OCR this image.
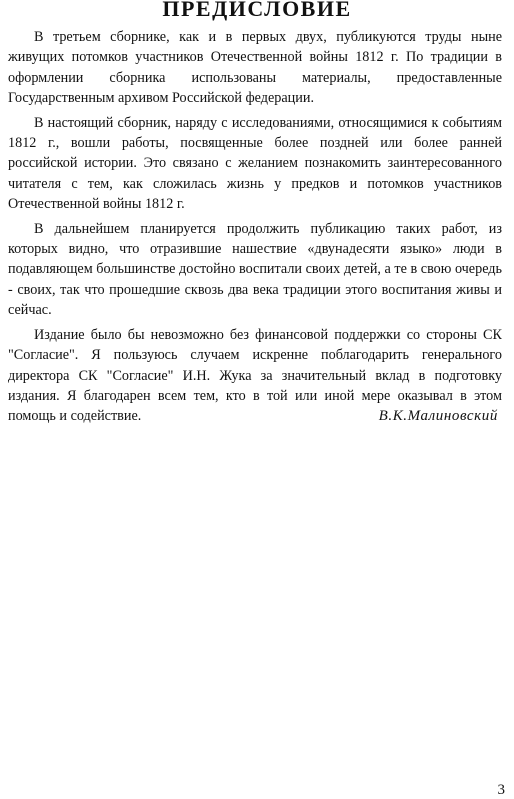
ПРЕДИСЛОВИЕ

В третьем сборнике, как и в первых двух, публикуются труды ныне живущих потомков участников Отечественной войны 1812 г. По традиции в оформлении сборника использованы материалы, предоставленные Государственным архивом Российской федерации.

В настоящий сборник, наряду с исследованиями, относящимися к событиям 1812 г., вошли работы, посвященные более поздней или более ранней российской истории. Это связано с желанием познакомить заинтересованного читателя с тем, как сложилась жизнь у предков и потомков участников Отечественной войны 1812 г.

В дальнейшем планируется продолжить публикацию таких работ, из которых видно, что отразившие нашествие «двунадесяти языко» люди в подавляющем большинстве достойно воспитали своих детей, а те в свою очередь - своих, так что прошедшие сквозь два века традиции этого воспитания живы и сейчас.

Издание было бы невозможно без финансовой поддержки со стороны СК "Согласие". Я пользуюсь случаем искренне поблагодарить генерального директора СК "Согласие" И.Н. Жука за значительный вклад в подготовку издания. Я благодарен всем тем, кто в той или иной мере оказывал в этом помощь и содействие.	В.К.Малиновский

3
